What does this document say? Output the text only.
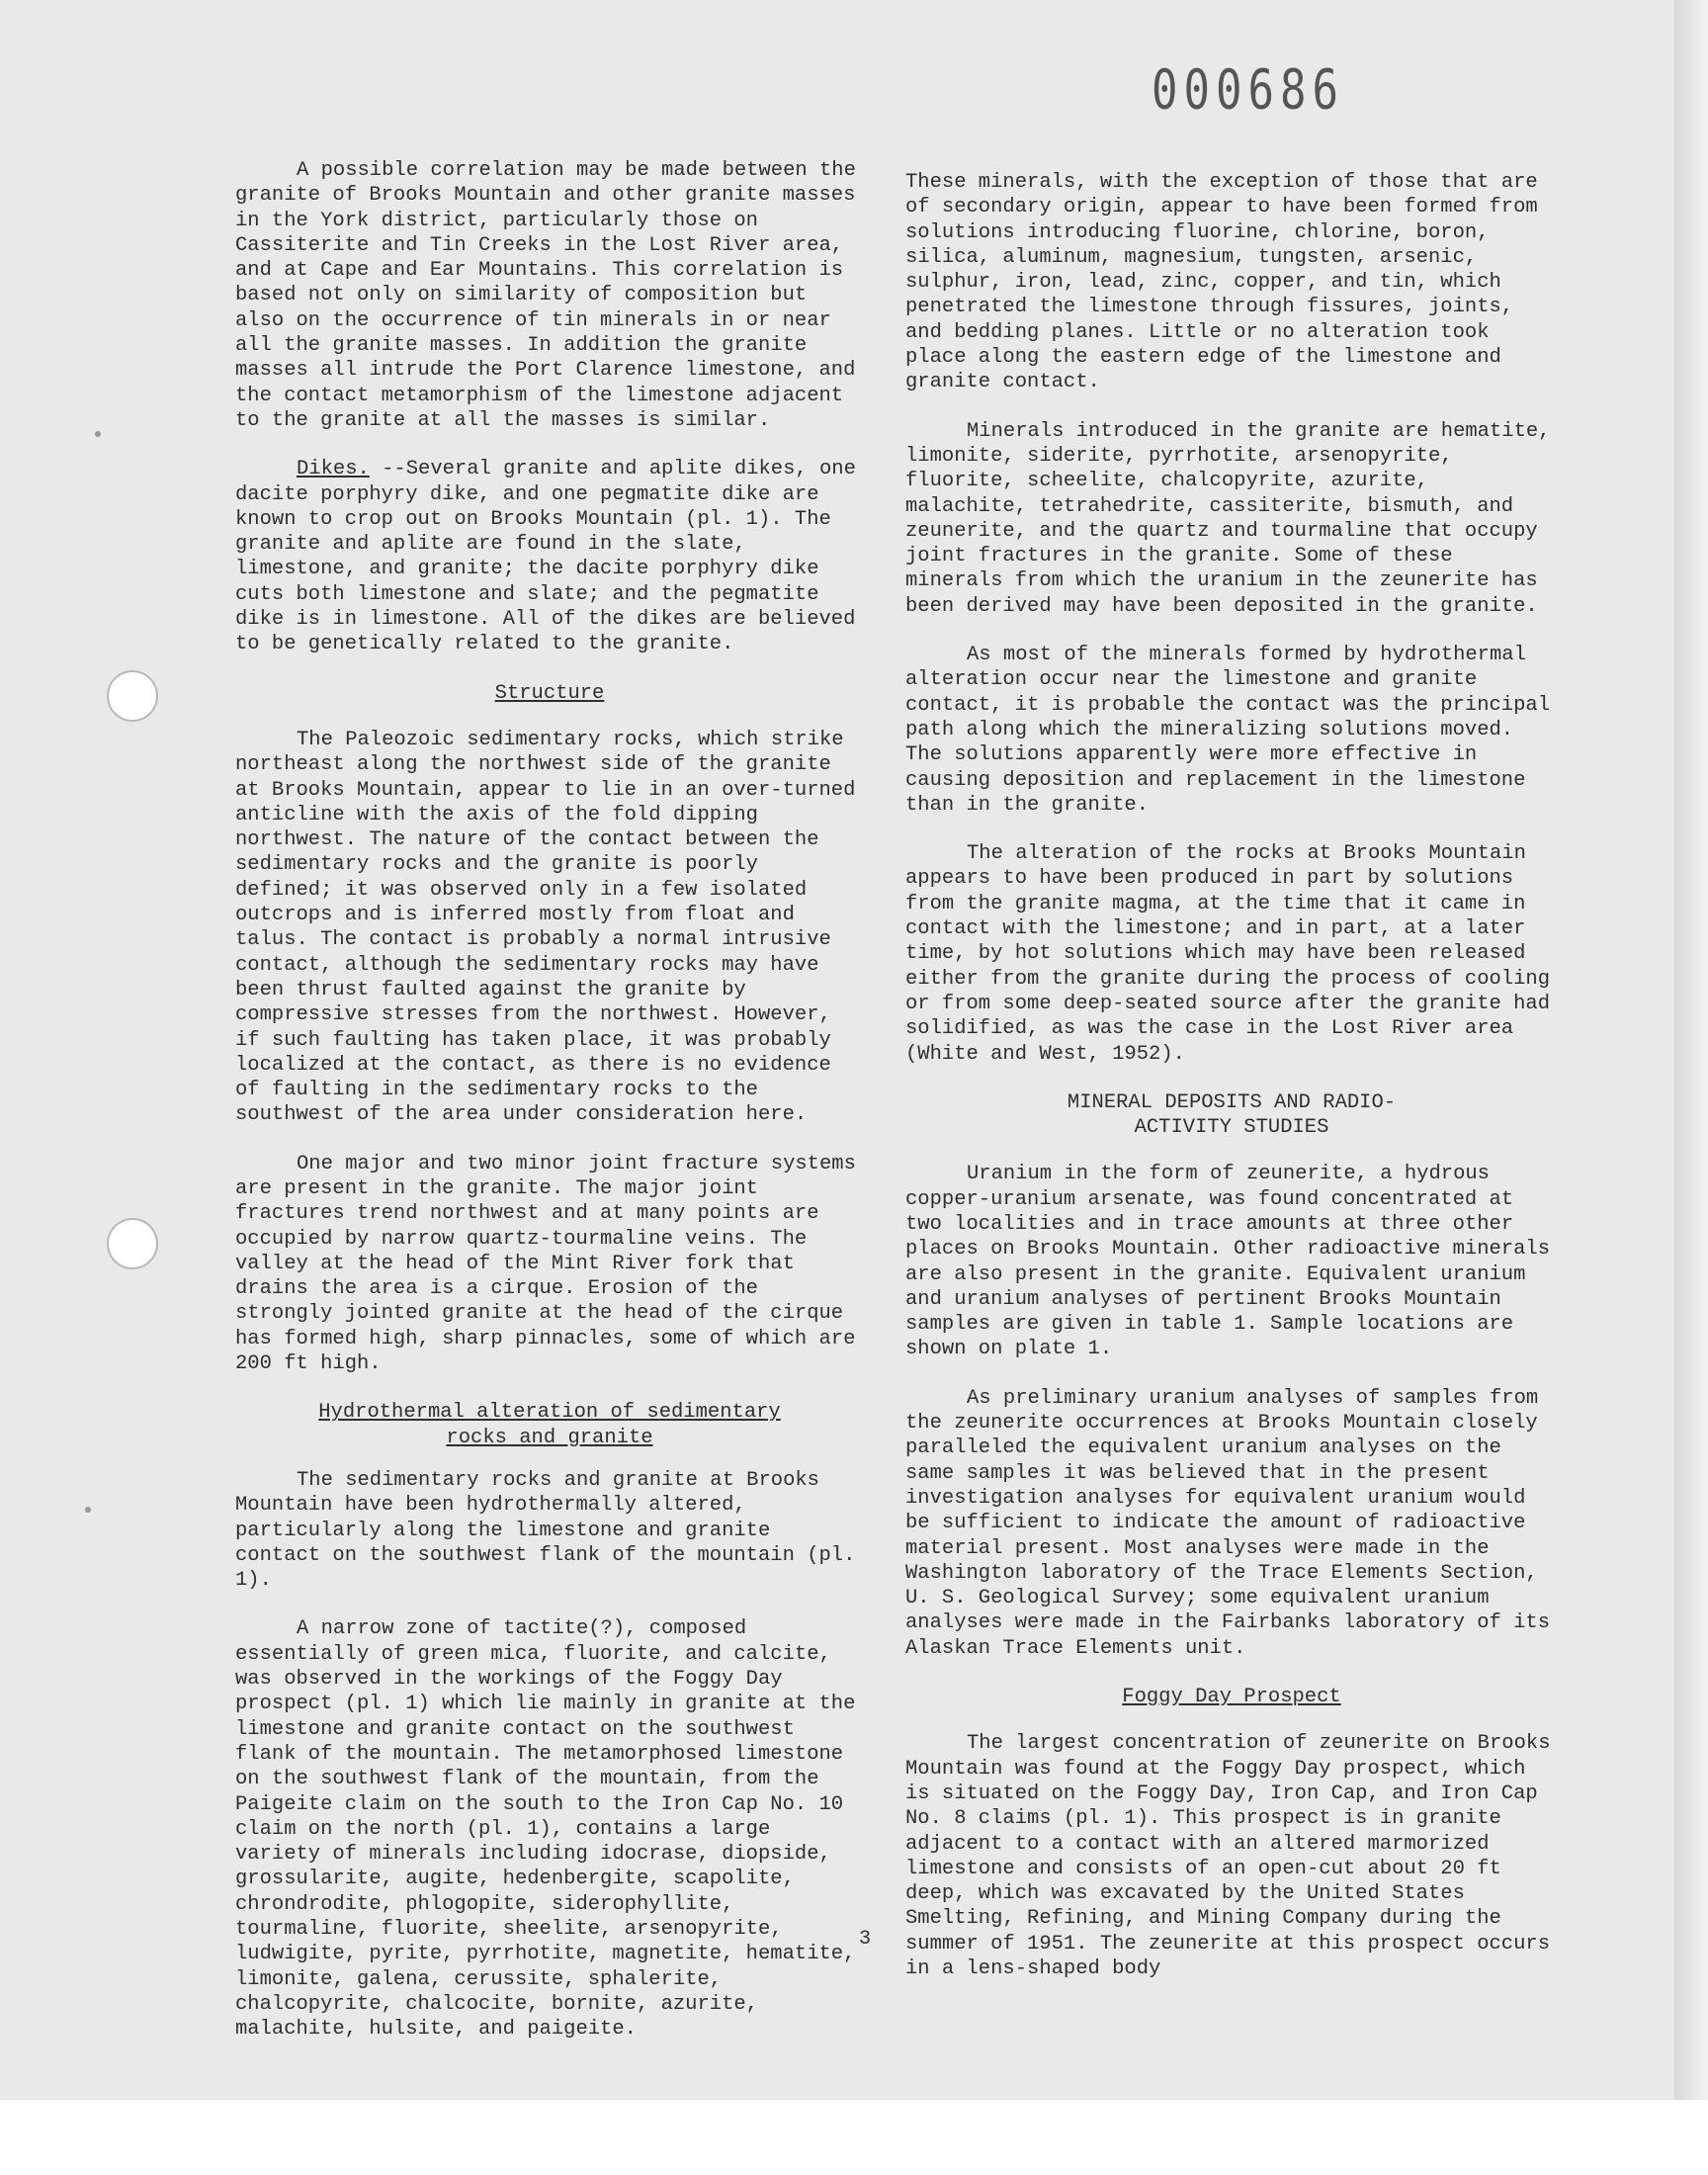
000686

A possible correlation may be made between the granite of Brooks Mountain and other granite masses in the York district, particularly those on Cassiterite and Tin Creeks in the Lost River area, and at Cape and Ear Mountains. This correlation is based not only on similarity of composition but also on the occurrence of tin minerals in or near all the granite masses. In addition the granite masses all intrude the Port Clarence limestone, and the contact metamorphism of the limestone adjacent to the granite at all the masses is similar.

Dikes. --Several granite and aplite dikes, one dacite porphyry dike, and one pegmatite dike are known to crop out on Brooks Mountain (pl. 1). The granite and aplite are found in the slate, limestone, and granite; the dacite porphyry dike cuts both limestone and slate; and the pegmatite dike is in limestone. All of the dikes are believed to be genetically related to the granite.

Structure

The Paleozoic sedimentary rocks, which strike northeast along the northwest side of the granite at Brooks Mountain, appear to lie in an over-turned anticline with the axis of the fold dipping northwest. The nature of the contact between the sedimentary rocks and the granite is poorly defined; it was observed only in a few isolated outcrops and is inferred mostly from float and talus. The contact is probably a normal intrusive contact, although the sedimentary rocks may have been thrust faulted against the granite by compressive stresses from the northwest. However, if such faulting has taken place, it was probably localized at the contact, as there is no evidence of faulting in the sedimentary rocks to the southwest of the area under consideration here.

One major and two minor joint fracture systems are present in the granite. The major joint fractures trend northwest and at many points are occupied by narrow quartz-tourmaline veins. The valley at the head of the Mint River fork that drains the area is a cirque. Erosion of the strongly jointed granite at the head of the cirque has formed high, sharp pinnacles, some of which are 200 ft high.

Hydrothermal alteration of sedimentary
rocks and granite

The sedimentary rocks and granite at Brooks Mountain have been hydrothermally altered, particularly along the limestone and granite contact on the southwest flank of the mountain (pl. 1).

A narrow zone of tactite(?), composed essentially of green mica, fluorite, and calcite, was observed in the workings of the Foggy Day prospect (pl. 1) which lie mainly in granite at the limestone and granite contact on the southwest flank of the mountain. The metamorphosed limestone on the southwest flank of the mountain, from the Paigeite claim on the south to the Iron Cap No. 10 claim on the north (pl. 1), contains a large variety of minerals including idocrase, diopside, grossularite, augite, hedenbergite, scapolite, chrondrodite, phlogopite, siderophyllite, tourmaline, fluorite, sheelite, arsenopyrite, ludwigite, pyrite, pyrrhotite, magnetite, hematite, limonite, galena, cerussite, sphalerite, chalcopyrite, chalcocite, bornite, azurite, malachite, hulsite, and paigeite.

These minerals, with the exception of those that are of secondary origin, appear to have been formed from solutions introducing fluorine, chlorine, boron, silica, aluminum, magnesium, tungsten, arsenic, sulphur, iron, lead, zinc, copper, and tin, which penetrated the limestone through fissures, joints, and bedding planes. Little or no alteration took place along the eastern edge of the limestone and granite contact.

Minerals introduced in the granite are hematite, limonite, siderite, pyrrhotite, arsenopyrite, fluorite, scheelite, chalcopyrite, azurite, malachite, tetrahedrite, cassiterite, bismuth, and zeunerite, and the quartz and tourmaline that occupy joint fractures in the granite. Some of these minerals from which the uranium in the zeunerite has been derived may have been deposited in the granite.

As most of the minerals formed by hydrothermal alteration occur near the limestone and granite contact, it is probable the contact was the principal path along which the mineralizing solutions moved. The solutions apparently were more effective in causing deposition and replacement in the limestone than in the granite.

The alteration of the rocks at Brooks Mountain appears to have been produced in part by solutions from the granite magma, at the time that it came in contact with the limestone; and in part, at a later time, by hot solutions which may have been released either from the granite during the process of cooling or from some deep-seated source after the granite had solidified, as was the case in the Lost River area (White and West, 1952).

MINERAL DEPOSITS AND RADIO-
ACTIVITY STUDIES

Uranium in the form of zeunerite, a hydrous copper-uranium arsenate, was found concentrated at two localities and in trace amounts at three other places on Brooks Mountain. Other radioactive minerals are also present in the granite. Equivalent uranium and uranium analyses of pertinent Brooks Mountain samples are given in table 1. Sample locations are shown on plate 1.

As preliminary uranium analyses of samples from the zeunerite occurrences at Brooks Mountain closely paralleled the equivalent uranium analyses on the same samples it was believed that in the present investigation analyses for equivalent uranium would be sufficient to indicate the amount of radioactive material present. Most analyses were made in the Washington laboratory of the Trace Elements Section, U. S. Geological Survey; some equivalent uranium analyses were made in the Fairbanks laboratory of its Alaskan Trace Elements unit.

Foggy Day Prospect

The largest concentration of zeunerite on Brooks Mountain was found at the Foggy Day prospect, which is situated on the Foggy Day, Iron Cap, and Iron Cap No. 8 claims (pl. 1). This prospect is in granite adjacent to a contact with an altered marmorized limestone and consists of an open-cut about 20 ft deep, which was excavated by the United States Smelting, Refining, and Mining Company during the summer of 1951. The zeunerite at this prospect occurs in a lens-shaped body

3
